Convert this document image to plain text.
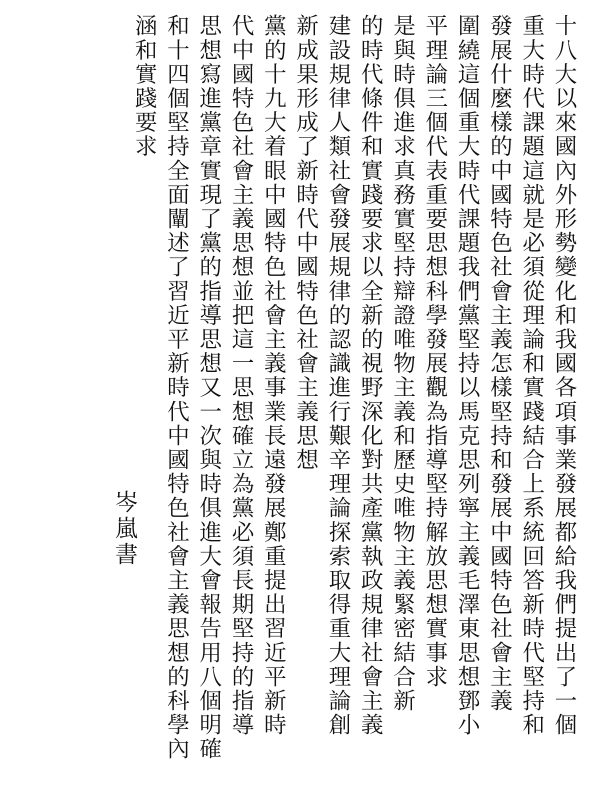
十八大以來國內外形勢變化和我國各項事業發展都給我們提出了一個
重大時代課題這就是必須從理論和實踐結合上系統回答新時代堅持和
發展什麼樣的中國特色社會主義怎樣堅持和發展中國特色社會主義
圍繞這個重大時代課題我們黨堅持以馬克思列寧主義毛澤東思想鄧小
平理論三個代表重要思想科學發展觀為指導堅持解放思想實事求
是與時俱進求真務實堅持辯證唯物主義和歷史唯物主義緊密結合新
的時代條件和實踐要求以全新的視野深化對共產黨執政規律社會主義
建設規律人類社會發展規律的認識進行艱辛理論探索取得重大理論創
新成果形成了新時代中國特色社會主義思想
黨的十九大着眼中國特色社會主義事業長遠發展鄭重提出習近平新時
代中國特色社會主義思想並把這一思想確立為黨必須長期堅持的指導
思想寫進黨章實現了黨的指導思想又一次與時俱進大會報告用八個明確
和十四個堅持全面闡述了習近平新時代中國特色社會主義思想的科學內
涵和實踐要求
岑嵐書
